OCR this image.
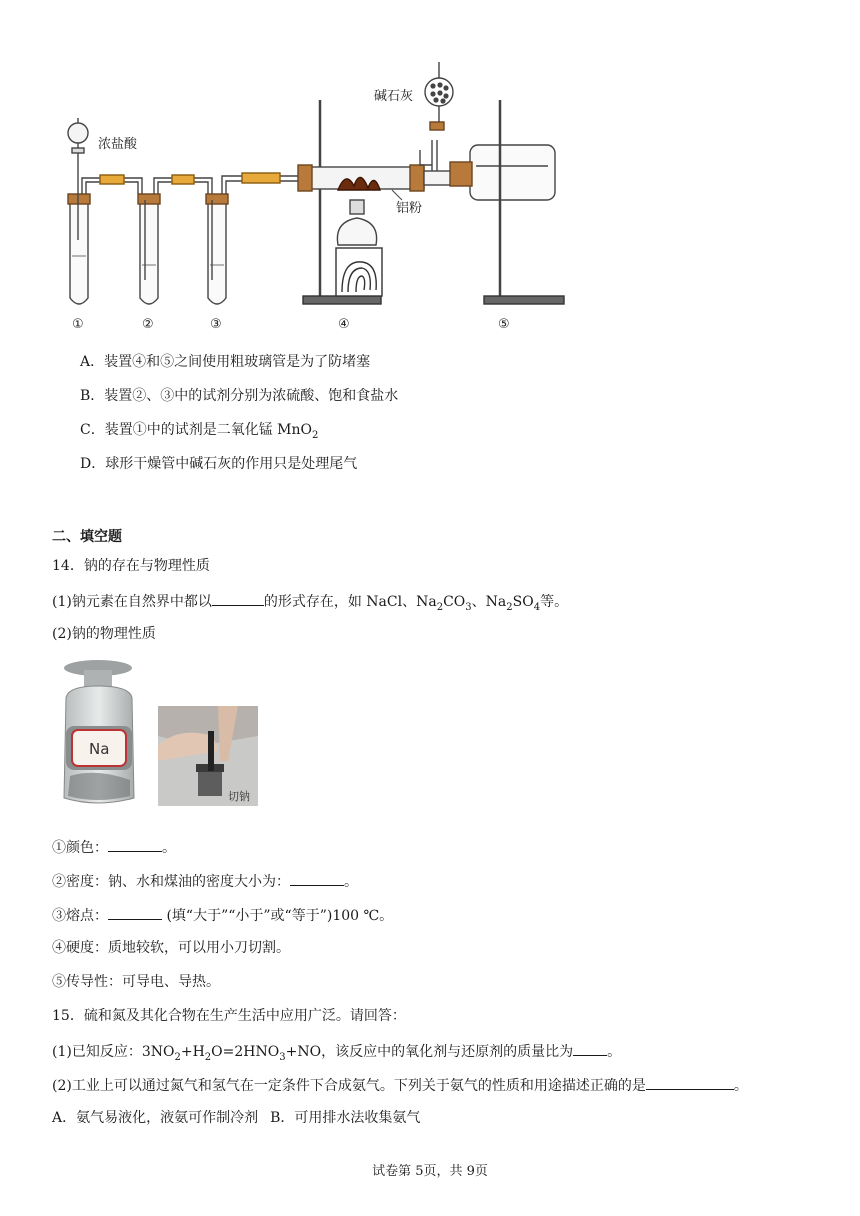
浓盐酸
碱石灰
铝粉
①	②	③	④	⑤
A．装置④和⑤之间使用粗玻璃管是为了防堵塞
B．装置②、③中的试剂分别为浓硫酸、饱和食盐水
C．装置①中的试剂是二氧化锰 MnO$_2$
D．球形干燥管中碱石灰的作用只是处理尾气
二、填空题
14．钠的存在与物理性质
(1)钠元素在自然界中都以	的形式存在，如 NaCl、$Na_2CO_3$、$Na_2SO_4$等。
(2)钠的物理性质
Na
切钠
①颜色：	。
②密度：钠、水和煤油的密度大小为：	。
③熔点：	(填“大于”“小于”或“等于”)100 ℃。
④硬度：质地较软，可以用小刀切割。
⑤传导性：可导电、导热。
15．硫和氮及其化合物在生产生活中应用广泛。请回答：
(1)已知反应：$3NO_2+H_2O=2HNO_3+NO$，该反应中的氧化剂与还原剂的质量比为 。
(2)工业上可以通过氮气和氢气在一定条件下合成氨气。下列关于氨气的性质和用途描述正确的是	。
A．氨气易液化，液氨可作制冷剂 B．可用排水法收集氨气
试卷第 5页，共 9页
